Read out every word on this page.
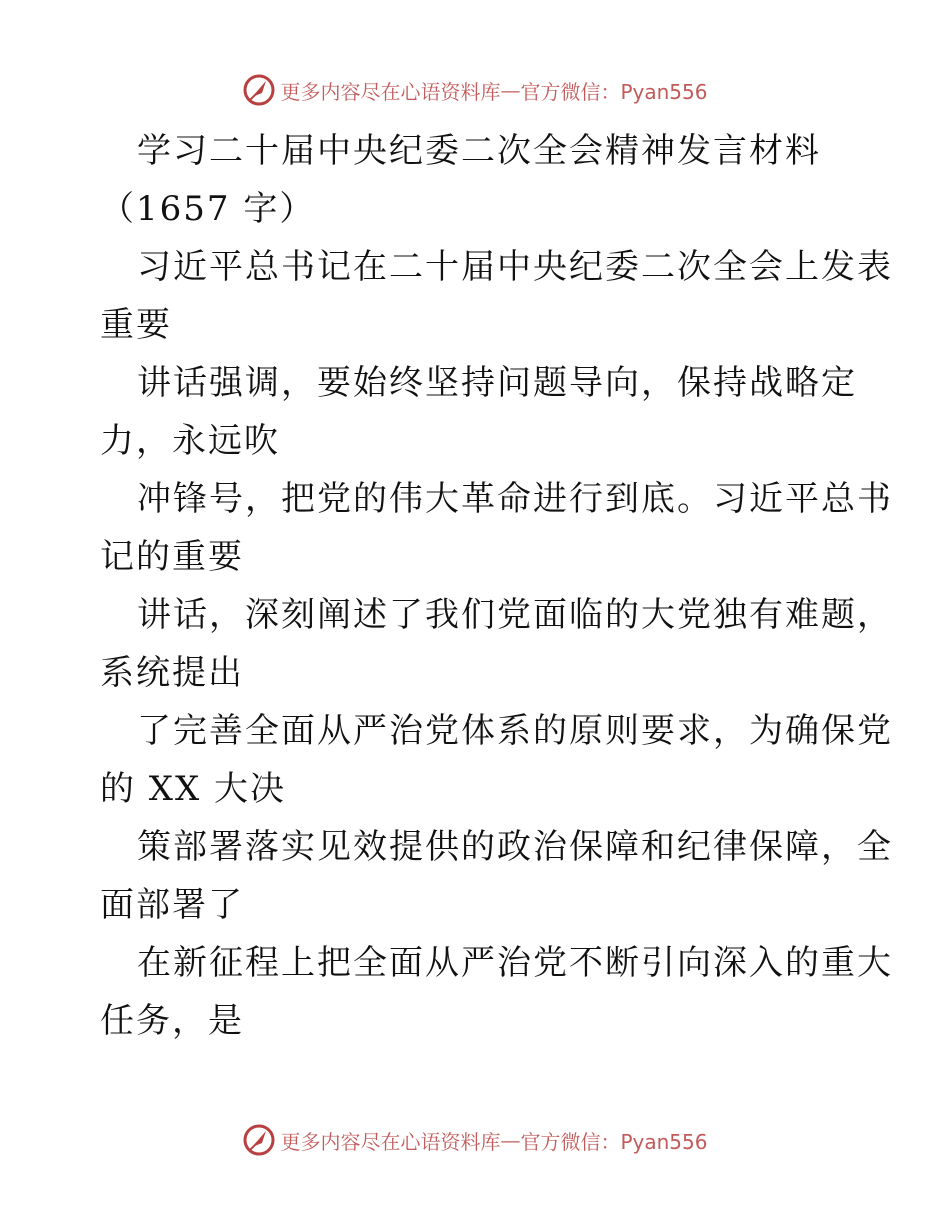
更多内容尽在心语资料库 — 官方微信：Pyan556
学习二十届中央纪委二次全会精神发言材料
（1657 字）
习近平总书记在二十届中央纪委二次全会上发表
重要
讲话强调，要始终坚持问题导向，保持战略定
力，永远吹
冲锋号，把党的伟大革命进行到底。习近平总书
记的重要
讲话，深刻阐述了我们党面临的大党独有难题，
系统提出
了完善全面从严治党体系的原则要求，为确保党
的 XX 大决
策部署落实见效提供的政治保障和纪律保障，全
面部署了
在新征程上把全面从严治党不断引向深入的重大
任务，是
更多内容尽在心语资料库 — 官方微信：Pyan556
